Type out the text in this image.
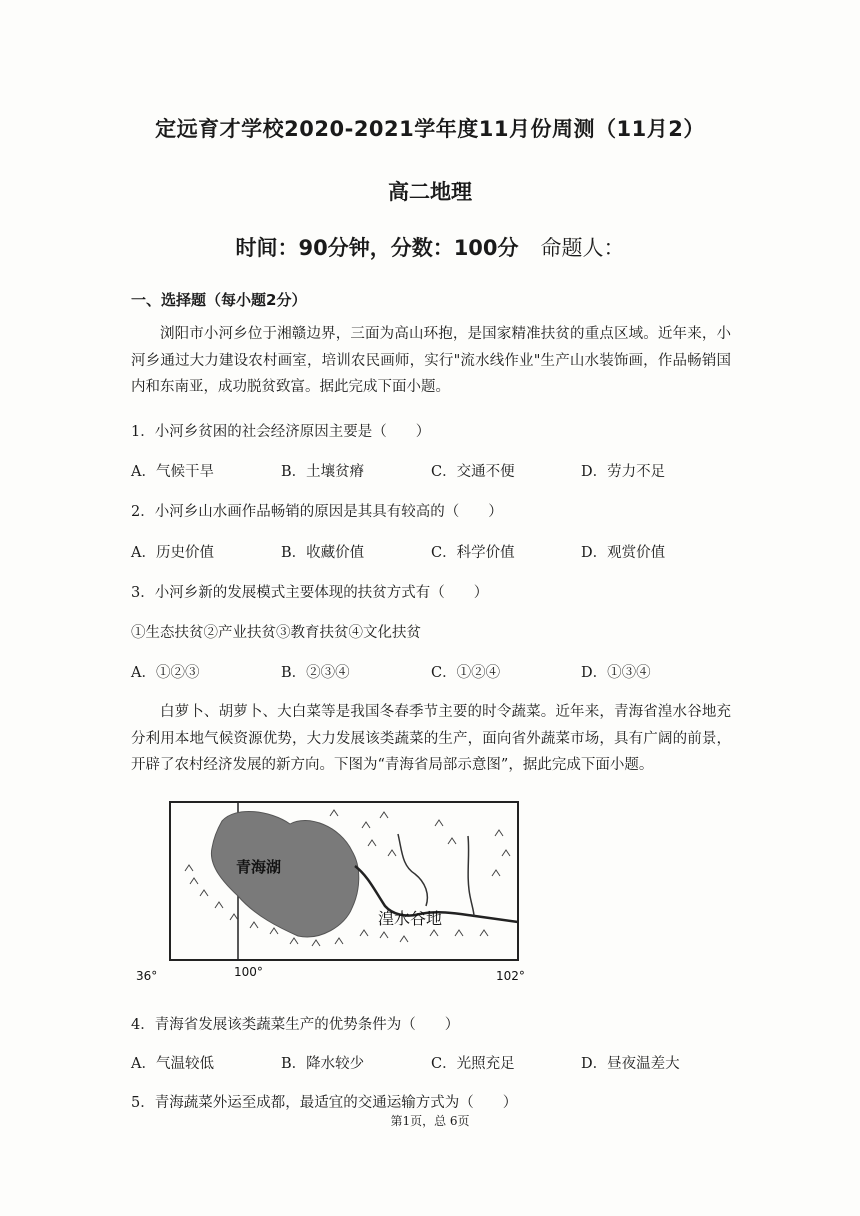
定远育才学校2020-2021学年度11月份周测（11月2）
高二地理
时间：90分钟，分数：100分 命题人：
一、选择题（每小题2分）
浏阳市小河乡位于湘赣边界，三面为高山环抱，是国家精准扶贫的重点区域。近年来，小河乡通过大力建设农村画室，培训农民画师，实行"流水线作业"生产山水装饰画，作品畅销国内和东南亚，成功脱贫致富。据此完成下面小题。
1．小河乡贫困的社会经济原因主要是（　　）
A．气候干旱	B．土壤贫瘠	C．交通不便	D．劳力不足
2．小河乡山水画作品畅销的原因是其具有较高的（　　）
A．历史价值	B．收藏价值	C．科学价值	D．观赏价值
3．小河乡新的发展模式主要体现的扶贫方式有（　　）
①生态扶贫②产业扶贫③教育扶贫④文化扶贫
A．①②③	B．②③④	C．①②④	D．①③④
白萝卜、胡萝卜、大白菜等是我国冬春季节主要的时令蔬菜。近年来，青海省湟水谷地充分利用本地气候资源优势，大力发展该类蔬菜的生产，面向省外蔬菜市场，具有广阔的前景，开辟了农村经济发展的新方向。下图为“青海省局部示意图”，据此完成下面小题。
青海湖
湟水谷地
36°	100°	102°
4．青海省发展该类蔬菜生产的优势条件为（　　）
A．气温较低	B．降水较少	C．光照充足	D．昼夜温差大
5．青海蔬菜外运至成都，最适宜的交通运输方式为（　　）
第1页，总 6页
